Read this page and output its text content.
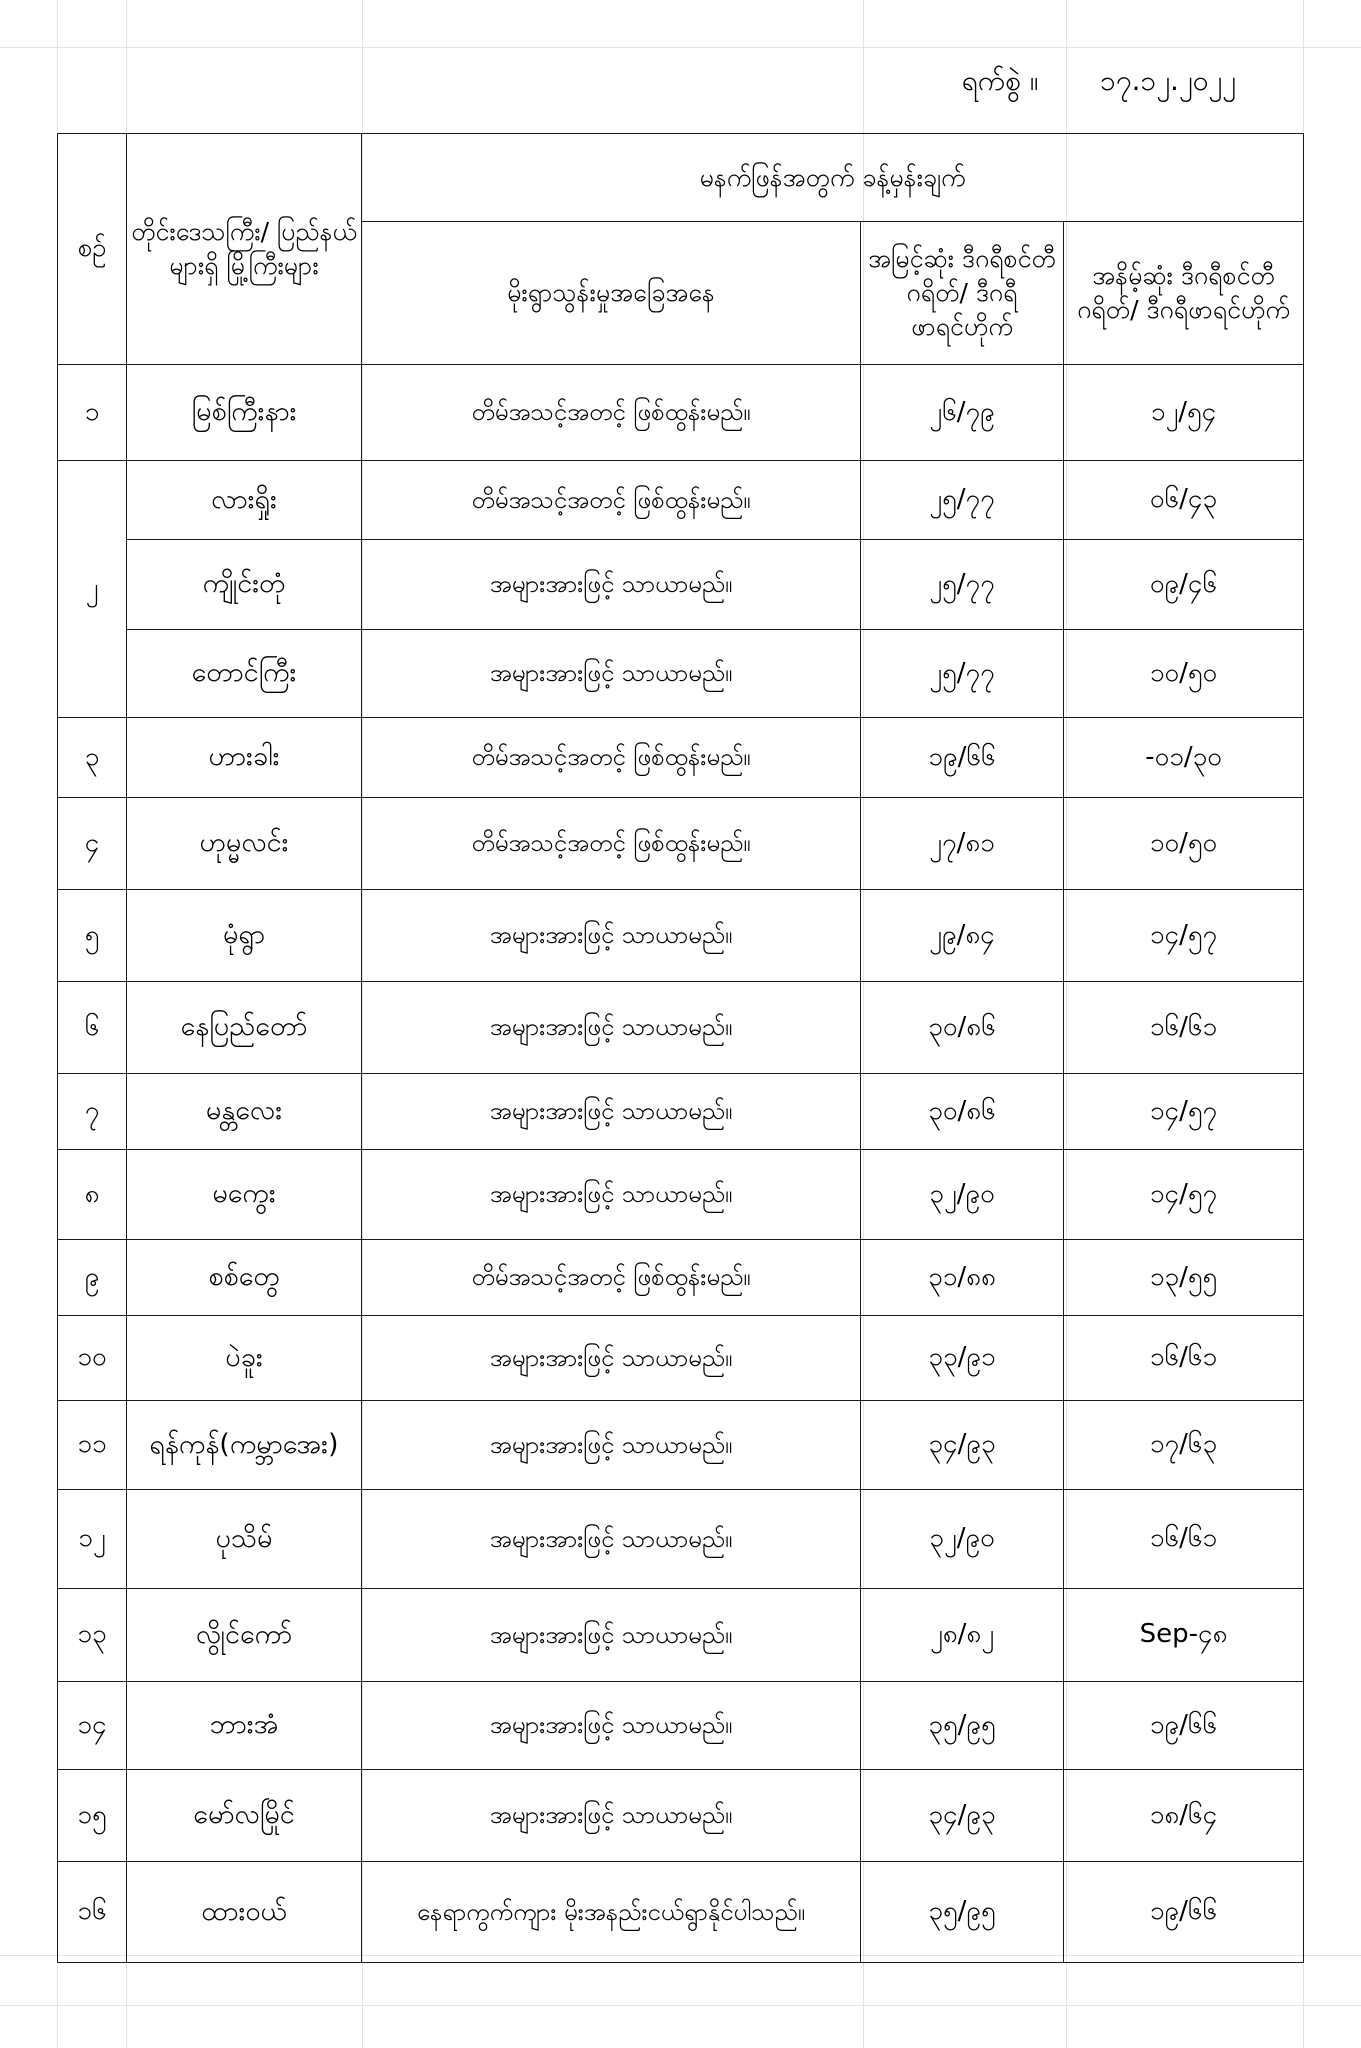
ရက်စွဲ ။	၁၇.၁၂.၂၀၂၂
စဉ်	တိုင်းဒေသကြီး/ ပြည်နယ်များရှိ မြို့ကြီးများ	မနက်ဖြန်အတွက် ခန့်မှန်းချက်		
		မိုးရွာသွန်းမှုအခြေအနေ	အမြင့်ဆုံး ဒီဂရီစင်တီဂရိတ်/ ဒီဂရီဖာရင်ဟိုက်	အနိမ့်ဆုံး ဒီဂရီစင်တီဂရိတ်/ ဒီဂရီဖာရင်ဟိုက်
၁	မြစ်ကြီးနား	တိမ်အသင့်အတင့် ဖြစ်ထွန်းမည်။	၂၆/၇၉	၁၂/၅၄
၂	လားရှိုး	တိမ်အသင့်အတင့် ဖြစ်ထွန်းမည်။	၂၅/၇၇	၀၆/၄၃
	ကျိုင်းတုံ	အများအားဖြင့် သာယာမည်။	၂၅/၇၇	၀၉/၄၆
	တောင်ကြီး	အများအားဖြင့် သာယာမည်။	၂၅/၇၇	၁၀/၅၀
၃	ဟားခါး	တိမ်အသင့်အတင့် ဖြစ်ထွန်းမည်။	၁၉/၆၆	-၀၁/၃၀
၄	ဟုမ္မလင်း	တိမ်အသင့်အတင့် ဖြစ်ထွန်းမည်။	၂၇/၈၁	၁၀/၅၀
၅	မုံရွာ	အများအားဖြင့် သာယာမည်။	၂၉/၈၄	၁၄/၅၇
၆	နေပြည်တော်	အများအားဖြင့် သာယာမည်။	၃၀/၈၆	၁၆/၆၁
၇	မန္တလေး	အများအားဖြင့် သာယာမည်။	၃၀/၈၆	၁၄/၅၇
၈	မကွေး	အများအားဖြင့် သာယာမည်။	၃၂/၉၀	၁၄/၅၇
၉	စစ်တွေ	တိမ်အသင့်အတင့် ဖြစ်ထွန်းမည်။	၃၁/၈၈	၁၃/၅၅
၁၀	ပဲခူး	အများအားဖြင့် သာယာမည်။	၃၃/၉၁	၁၆/၆၁
၁၁	ရန်ကုန်(ကမ္ဘာအေး)	အများအားဖြင့် သာယာမည်။	၃၄/၉၃	၁၇/၆၃
၁၂	ပုသိမ်	အများအားဖြင့် သာယာမည်။	၃၂/၉၀	၁၆/၆၁
၁၃	လွိုင်ကော်	အများအားဖြင့် သာယာမည်။	၂၈/၈၂	Sep-၄၈
၁၄	ဘားအံ	အများအားဖြင့် သာယာမည်။	၃၅/၉၅	၁၉/၆၆
၁၅	မော်လမြိုင်	အများအားဖြင့် သာယာမည်။	၃၄/၉၃	၁၈/၆၄
၁၆	ထားဝယ်	နေရာကွက်ကျား မိုးအနည်းငယ်ရွာနိုင်ပါသည်။	၃၅/၉၅	၁၉/၆၆
